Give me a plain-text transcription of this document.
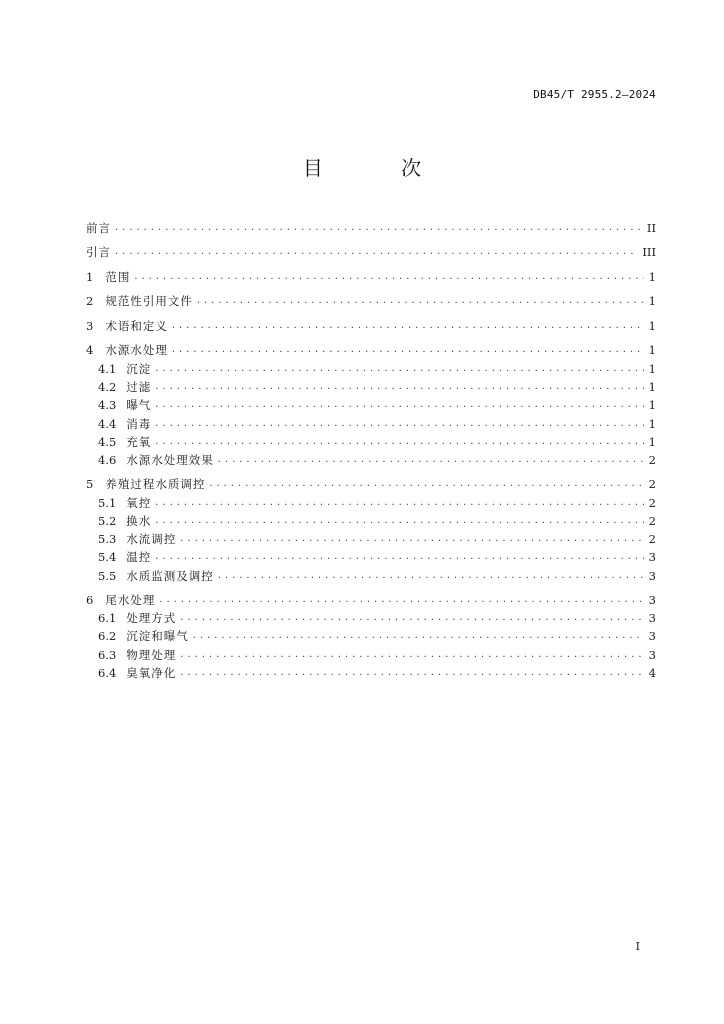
DB45/T 2955.2—2024
目 次
前言 . . .	II
引言 . . .	III
1 范围 . . .	1
2 规范性引用文件 . . .	1
3 术语和定义 . . .	1
4 水源水处理 . . .	1
4.1 沉淀 . . .	1
4.2 过滤 . . .	1
4.3 曝气 . . .	1
4.4 消毒 . . .	1
4.5 充氧 . . .	1
4.6 水源水处理效果 . . .	2
5 养殖过程水质调控 . . .	2
5.1 氧控 . . .	2
5.2 换水 . . .	2
5.3 水流调控 . . .	2
5.4 温控 . . .	3
5.5 水质监测及调控 . . .	3
6 尾水处理 . . .	3
6.1 处理方式 . . .	3
6.2 沉淀和曝气 . . .	3
6.3 物理处理 . . .	3
6.4 臭氧净化 . . .	4
I
